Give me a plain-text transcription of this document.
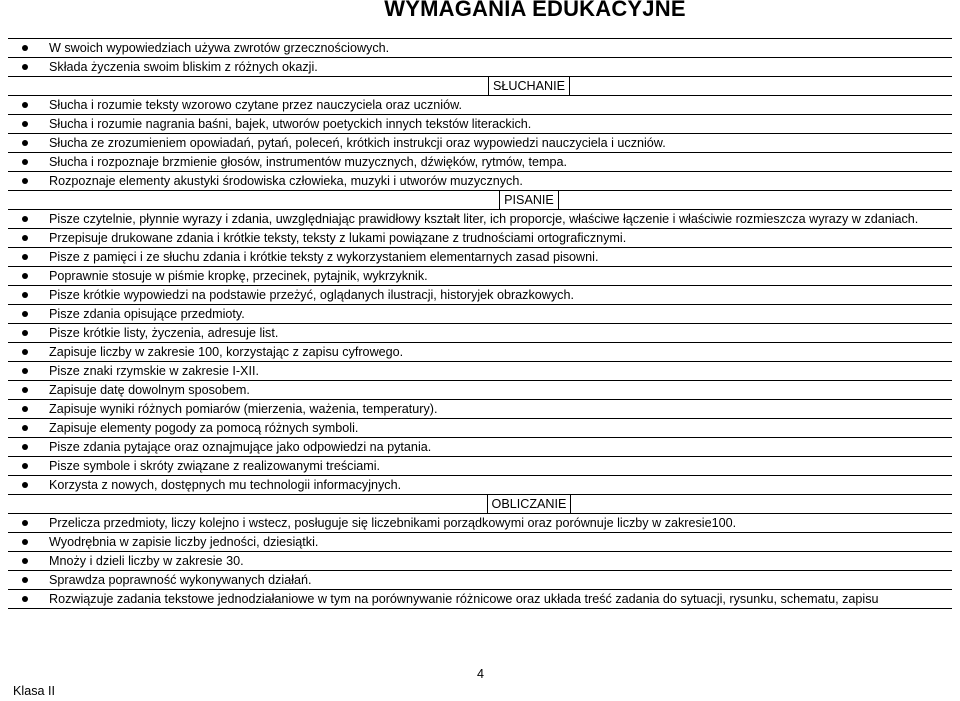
WYMAGANIA EDUKACYJNE
W swoich wypowiedziach używa zwrotów grzecznościowych.
Składa życzenia swoim bliskim z różnych okazji.
SŁUCHANIE
Słucha i rozumie teksty wzorowo czytane przez nauczyciela oraz uczniów.
Słucha i rozumie nagrania baśni, bajek, utworów poetyckich innych tekstów literackich.
Słucha ze zrozumieniem opowiadań, pytań, poleceń, krótkich instrukcji oraz wypowiedzi nauczyciela i uczniów.
Słucha i rozpoznaje brzmienie głosów, instrumentów muzycznych, dźwięków, rytmów, tempa.
Rozpoznaje elementy akustyki środowiska człowieka, muzyki i utworów muzycznych.
PISANIE
Pisze czytelnie, płynnie wyrazy i zdania, uwzględniając prawidłowy kształt liter, ich proporcje, właściwe łączenie i właściwie rozmieszcza wyrazy w zdaniach.
Przepisuje drukowane zdania i krótkie teksty, teksty z lukami powiązane z trudnościami ortograficznymi.
Pisze z pamięci i ze słuchu zdania i krótkie teksty z wykorzystaniem elementarnych zasad pisowni.
Poprawnie stosuje w piśmie kropkę, przecinek, pytajnik, wykrzyknik.
Pisze krótkie wypowiedzi na podstawie przeżyć, oglądanych ilustracji, historyjek obrazkowych.
Pisze zdania opisujące przedmioty.
Pisze krótkie listy, życzenia, adresuje list.
Zapisuje liczby w zakresie 100, korzystając z zapisu cyfrowego.
Pisze znaki rzymskie w zakresie I-XII.
Zapisuje datę dowolnym sposobem.
Zapisuje wyniki różnych pomiarów (mierzenia, ważenia, temperatury).
Zapisuje elementy pogody za pomocą różnych symboli.
Pisze zdania pytające oraz oznajmujące jako odpowiedzi na pytania.
Pisze symbole i skróty związane z realizowanymi treściami.
Korzysta z nowych, dostępnych mu technologii informacyjnych.
OBLICZANIE
Przelicza przedmioty, liczy kolejno i wstecz, posługuje się liczebnikami porządkowymi oraz porównuje liczby w zakresie100.
Wyodrębnia w zapisie liczby jedności, dziesiątki.
Mnoży i dzieli liczby w zakresie 30.
Sprawdza poprawność wykonywanych działań.
Rozwiązuje zadania tekstowe jednodziałaniowe w tym na porównywanie różnicowe oraz układa treść zadania do sytuacji, rysunku, schematu, zapisu
4
Klasa II
